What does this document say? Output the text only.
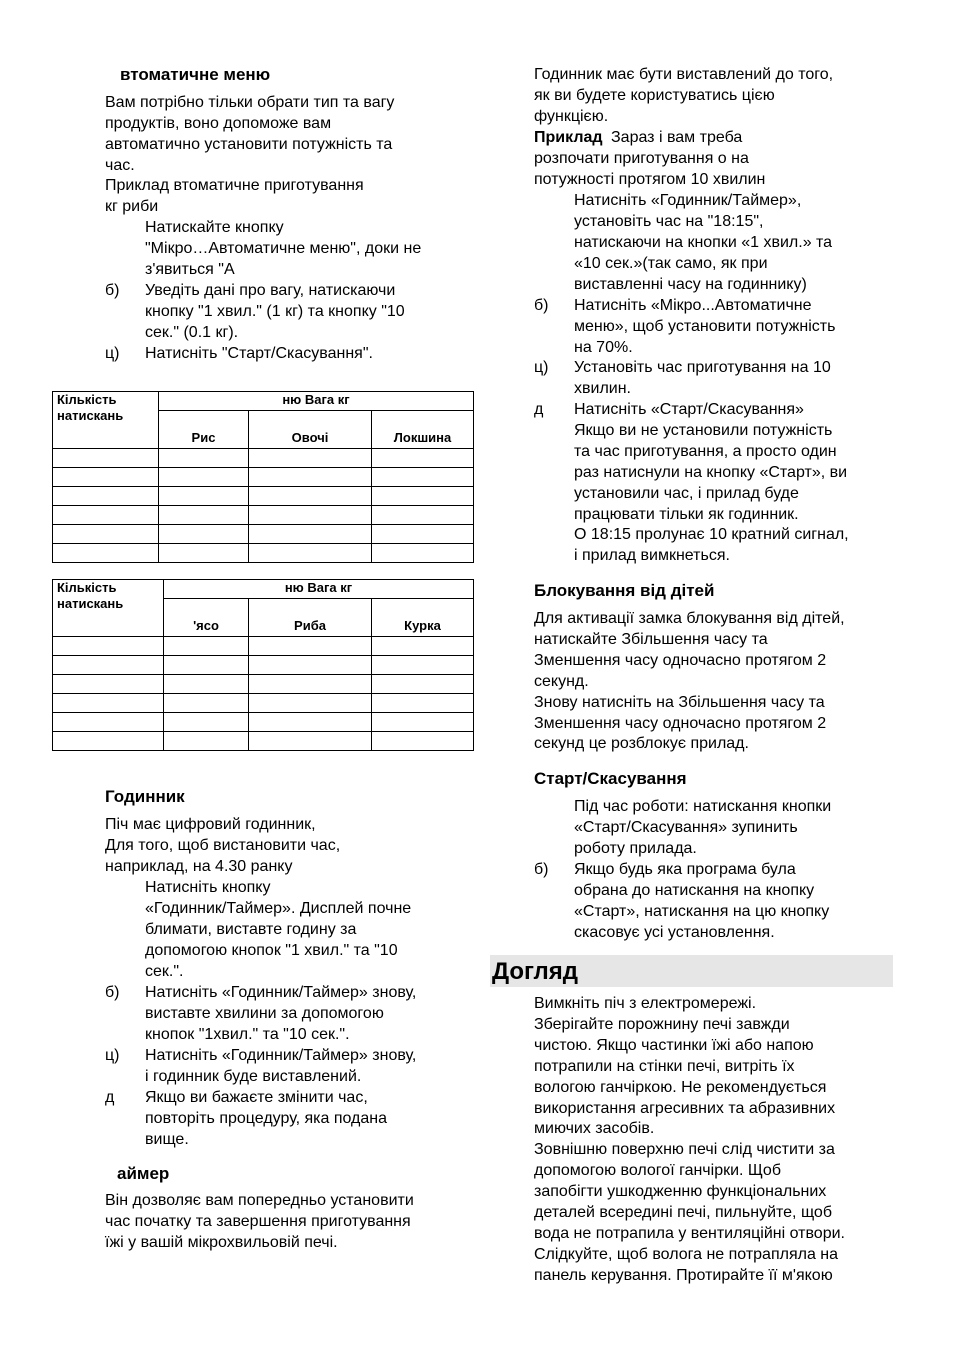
втоматичне меню
Вам потрібно тільки обрати тип та вагу
продуктів, воно допоможе вам
автоматично установити потужність та
час.
Приклад втоматичне приготування
кг риби
Натискайте кнопку
"Мікро…Автоматичне меню", доки не
з'явиться "А
б) Уведіть дані про вагу, натискаючи
кнопку "1 хвил." (1 кг) та кнопку "10
сек." (0.1 кг).
ц) Натисніть "Старт/Скасування".
Кількість
натискань	ню Вага кг		
	Рис	Овочі	Локшина

Кількість
натискань	ню Вага кг		
	'ясо	Риба	Курка

Годинник
Піч має цифровий годинник,
Для того, щоб вистановити час,
наприклад, на 4.30 ранку
Натисніть кнопку
«Годинник/Таймер». Дисплей почне
блимати, виставте годину за
допомогою кнопок "1 хвил." та "10
сек.".
б) Натисніть «Годинник/Таймер» знову,
виставте хвилини за допомогою
кнопок "1хвил." та "10 сек.".
ц) Натисніть «Годинник/Таймер» знову,
і годинник буде виставлений.
д Якщо ви бажаєте змінити час,
повторіть процедуру, яка подана
вище.
аймер
Він дозволяє вам попередньо установити
час початку та завершення приготування
їжі у вашій мікрохвильовій печі.
Годинник має бути виставлений до того,
як ви будете користуватись цією
функцією.
Приклад Зараз і вам треба
розпочати приготування о на
потужності протягом 10 хвилин
Натисніть «Годинник/Таймер»,
установіть час на "18:15",
натискаючи на кнопки «1 хвил.» та
«10 сек.»(так само, як при
виставленні часу на годиннику)
б) Натисніть «Мікро...Автоматичне
меню», щоб установити потужність
на 70%.
ц) Установіть час приготування на 10
хвилин.
д Натисніть «Старт/Скасування»
Якщо ви не установили потужність
та час приготування, а просто один
раз натиснули на кнопку «Старт», ви
установили час, і прилад буде
працювати тільки як годинник.
О 18:15 пролунає 10 кратний сигнал,
і прилад вимкнеться.
Блокування від дітей
Для активації замка блокування від дітей,
натискайте Збільшення часу та
Зменшення часу одночасно протягом 2
секунд.
Знову натисніть на Збільшення часу та
Зменшення часу одночасно протягом 2
секунд це розблокує прилад.
Старт/Скасування
Під час роботи: натискання кнопки
«Старт/Скасування» зупинить
роботу прилада.
б) Якщо будь яка програма була
обрана до натискання на кнопку
«Старт», натискання на цю кнопку
скасовує усі установлення.
Догляд
Вимкніть піч з електромережі.
Зберігайте порожнину печі завжди
чистою. Якщо частинки їжі або напою
потрапили на стінки печі, витріть їх
вологою ганчіркою. Не рекомендується
використання агресивних та абразивних
миючих засобів.
Зовнішню поверхню печі слід чистити за
допомогою вологої ганчірки. Щоб
запобігти ушкодженню функціональних
деталей всередині печі, пильнуйте, щоб
вода не потрапила у вентиляційні отвори.
Слідкуйте, щоб волога не потрапляла на
панель керування. Протирайте її м'якою
